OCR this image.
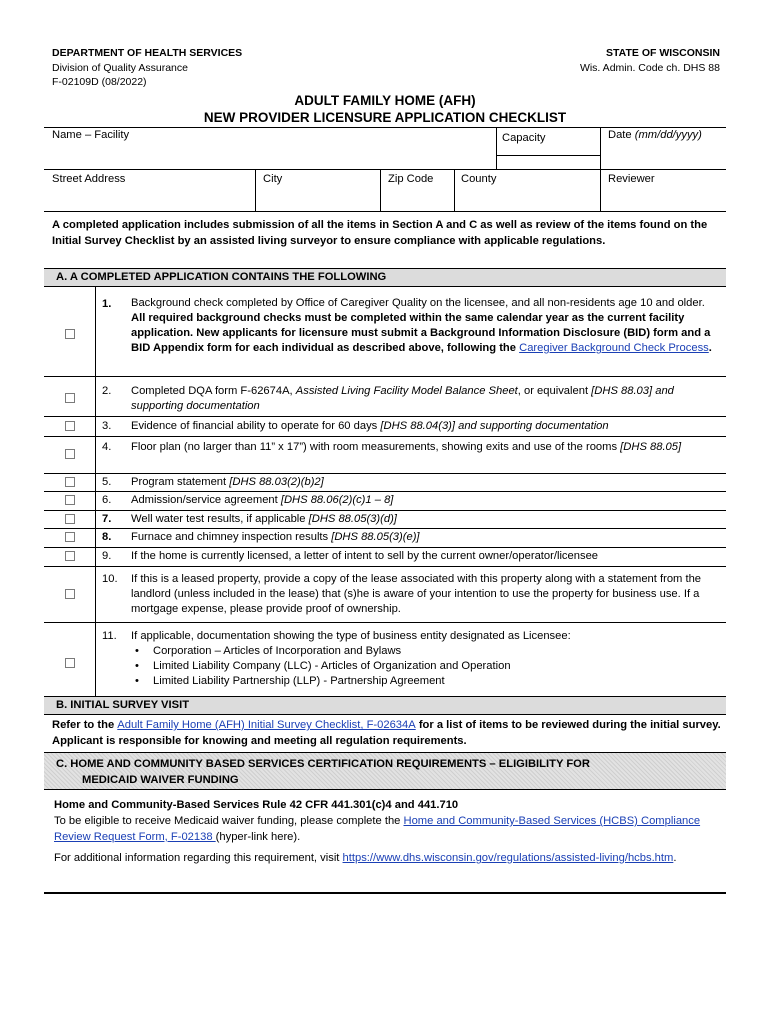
DEPARTMENT OF HEALTH SERVICES
Division of Quality Assurance
F-02109D (08/2022)
STATE OF WISCONSIN
Wis. Admin. Code ch. DHS 88
ADULT FAMILY HOME (AFH)
NEW PROVIDER LICENSURE APPLICATION CHECKLIST
Name – Facility	Capacity	Date (mm/dd/yyyy)
Street Address	City	Zip Code County	Reviewer
A completed application includes submission of all the items in Section A and C as well as review of the items found on the Initial Survey Checklist by an assisted living surveyor to ensure compliance with applicable regulations.
A. A COMPLETED APPLICATION CONTAINS THE FOLLOWING
1. Background check completed by Office of Caregiver Quality on the licensee, and all non-residents age 10 and older. All required background checks must be completed within the same calendar year as the current facility application. New applicants for licensure must submit a Background Information Disclosure (BID) form and a BID Appendix form for each individual as described above, following the Caregiver Background Check Process.
2. Completed DQA form F-62674A, Assisted Living Facility Model Balance Sheet, or equivalent [DHS 88.03] and supporting documentation
3. Evidence of financial ability to operate for 60 days [DHS 88.04(3)] and supporting documentation
4. Floor plan (no larger than 11” x 17”) with room measurements, showing exits and use of the rooms [DHS 88.05]
5. Program statement [DHS 88.03(2)(b)2]
6. Admission/service agreement [DHS 88.06(2)(c)1 – 8]
7. Well water test results, if applicable [DHS 88.05(3)(d)]
8. Furnace and chimney inspection results [DHS 88.05(3)(e)]
9. If the home is currently licensed, a letter of intent to sell by the current owner/operator/licensee
10. If this is a leased property, provide a copy of the lease associated with this property along with a statement from the landlord (unless included in the lease) that (s)he is aware of your intention to use the property for business use. If a mortgage expense, please provide proof of ownership.
11. If applicable, documentation showing the type of business entity designated as Licensee:
• Corporation – Articles of Incorporation and Bylaws
• Limited Liability Company (LLC) - Articles of Organization and Operation
• Limited Liability Partnership (LLP) - Partnership Agreement
B. INITIAL SURVEY VISIT
Refer to the Adult Family Home (AFH) Initial Survey Checklist, F-02634A for a list of items to be reviewed during the initial survey. Applicant is responsible for knowing and meeting all regulation requirements.
C. HOME AND COMMUNITY BASED SERVICES CERTIFICATION REQUIREMENTS – ELIGIBILITY FOR
MEDICAID WAIVER FUNDING
Home and Community-Based Services Rule 42 CFR 441.301(c)4 and 441.710
To be eligible to receive Medicaid waiver funding, please complete the Home and Community-Based Services (HCBS) Compliance Review Request Form, F-02138 (hyper-link here).
For additional information regarding this requirement, visit https://www.dhs.wisconsin.gov/regulations/assisted-living/hcbs.htm.
